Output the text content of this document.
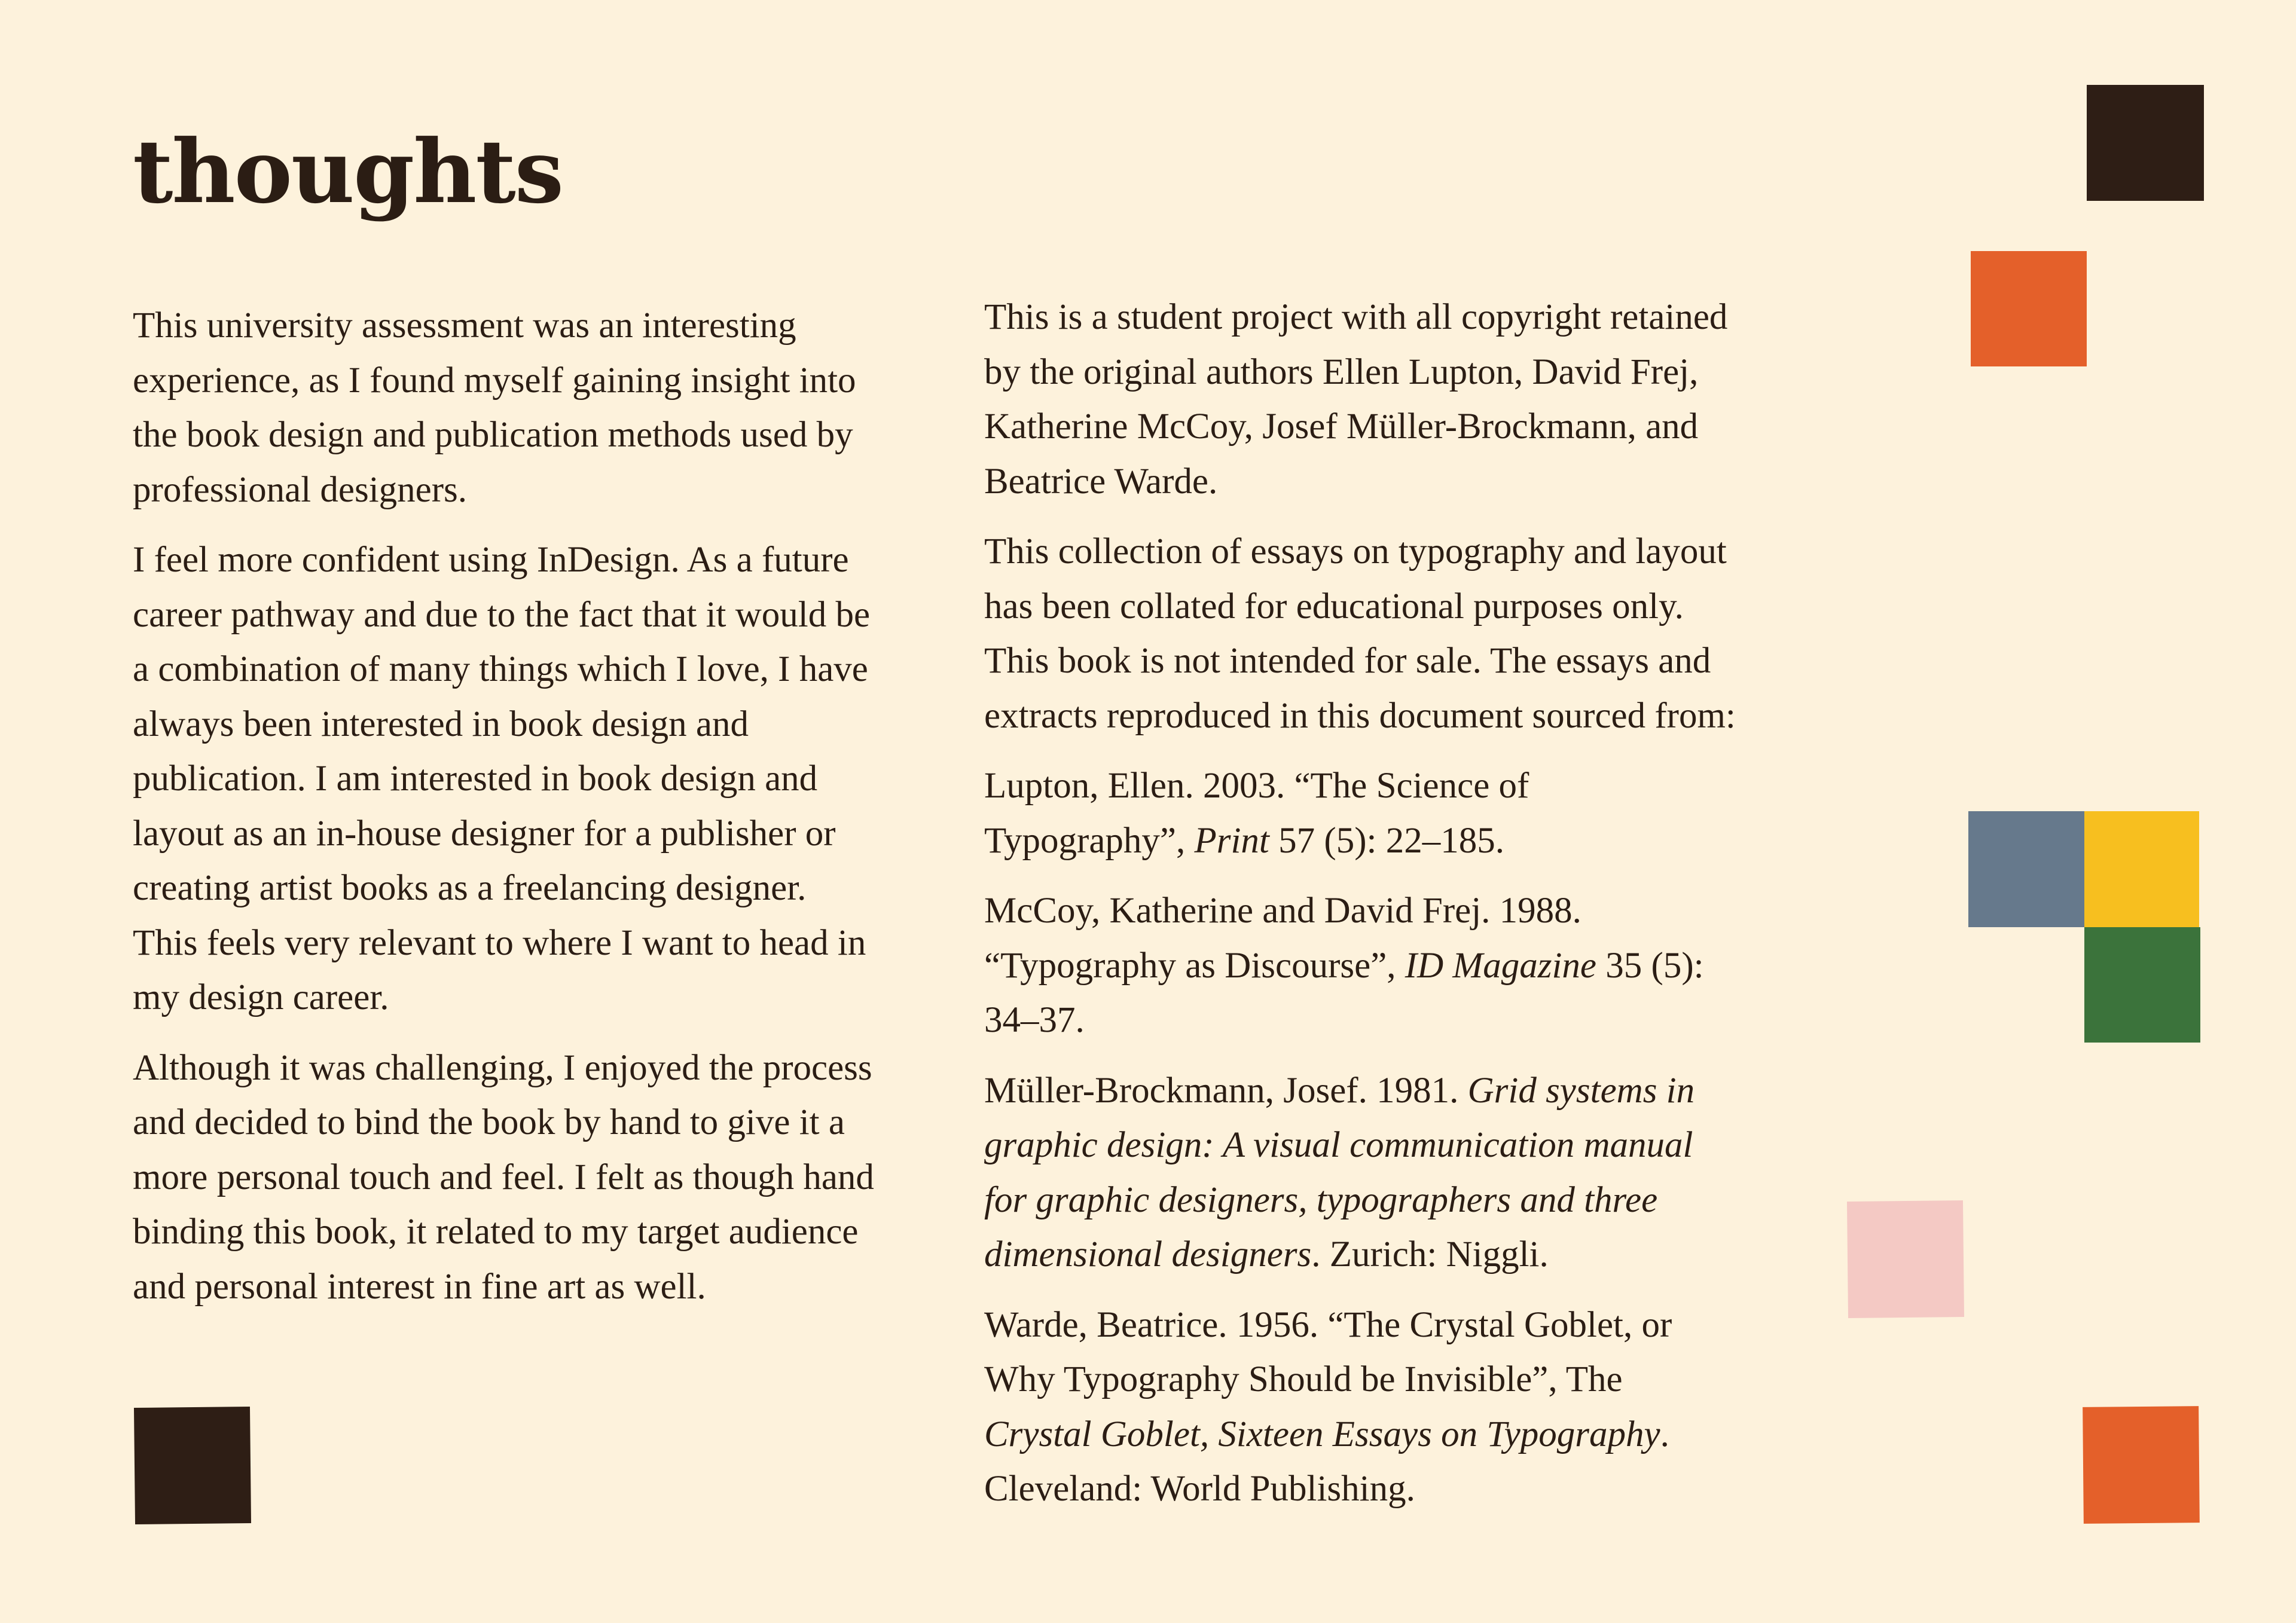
thoughts

This university assessment was an interesting experience, as I found myself gaining insight into the book design and publication methods used by professional designers.

I feel more confident using InDesign. As a future career pathway and due to the fact that it would be a combination of many things which I love, I have always been interested in book design and publication. I am interested in book design and layout as an in-house designer for a publisher or creating artist books as a freelancing designer. This feels very relevant to where I want to head in my design career.

Although it was challenging, I enjoyed the process and decided to bind the book by hand to give it a more personal touch and feel. I felt as though hand binding this book, it related to my target audience and personal interest in fine art as well.

This is a student project with all copyright retained by the original authors Ellen Lupton, David Frej, Katherine McCoy, Josef Müller-Brockmann, and Beatrice Warde.

This collection of essays on typography and layout has been collated for educational purposes only. This book is not intended for sale. The essays and extracts reproduced in this document sourced from:

Lupton, Ellen. 2003. “The Science of Typography”, Print 57 (5): 22–185.

McCoy, Katherine and David Frej. 1988. “Typography as Discourse”, ID Magazine 35 (5): 34–37.

Müller-Brockmann, Josef. 1981. Grid systems in graphic design: A visual communication manual for graphic designers, typographers and three dimensional designers. Zurich: Niggli.

Warde, Beatrice. 1956. “The Crystal Goblet, or Why Typography Should be Invisible”, The Crystal Goblet, Sixteen Essays on Typography. Cleveland: World Publishing.
